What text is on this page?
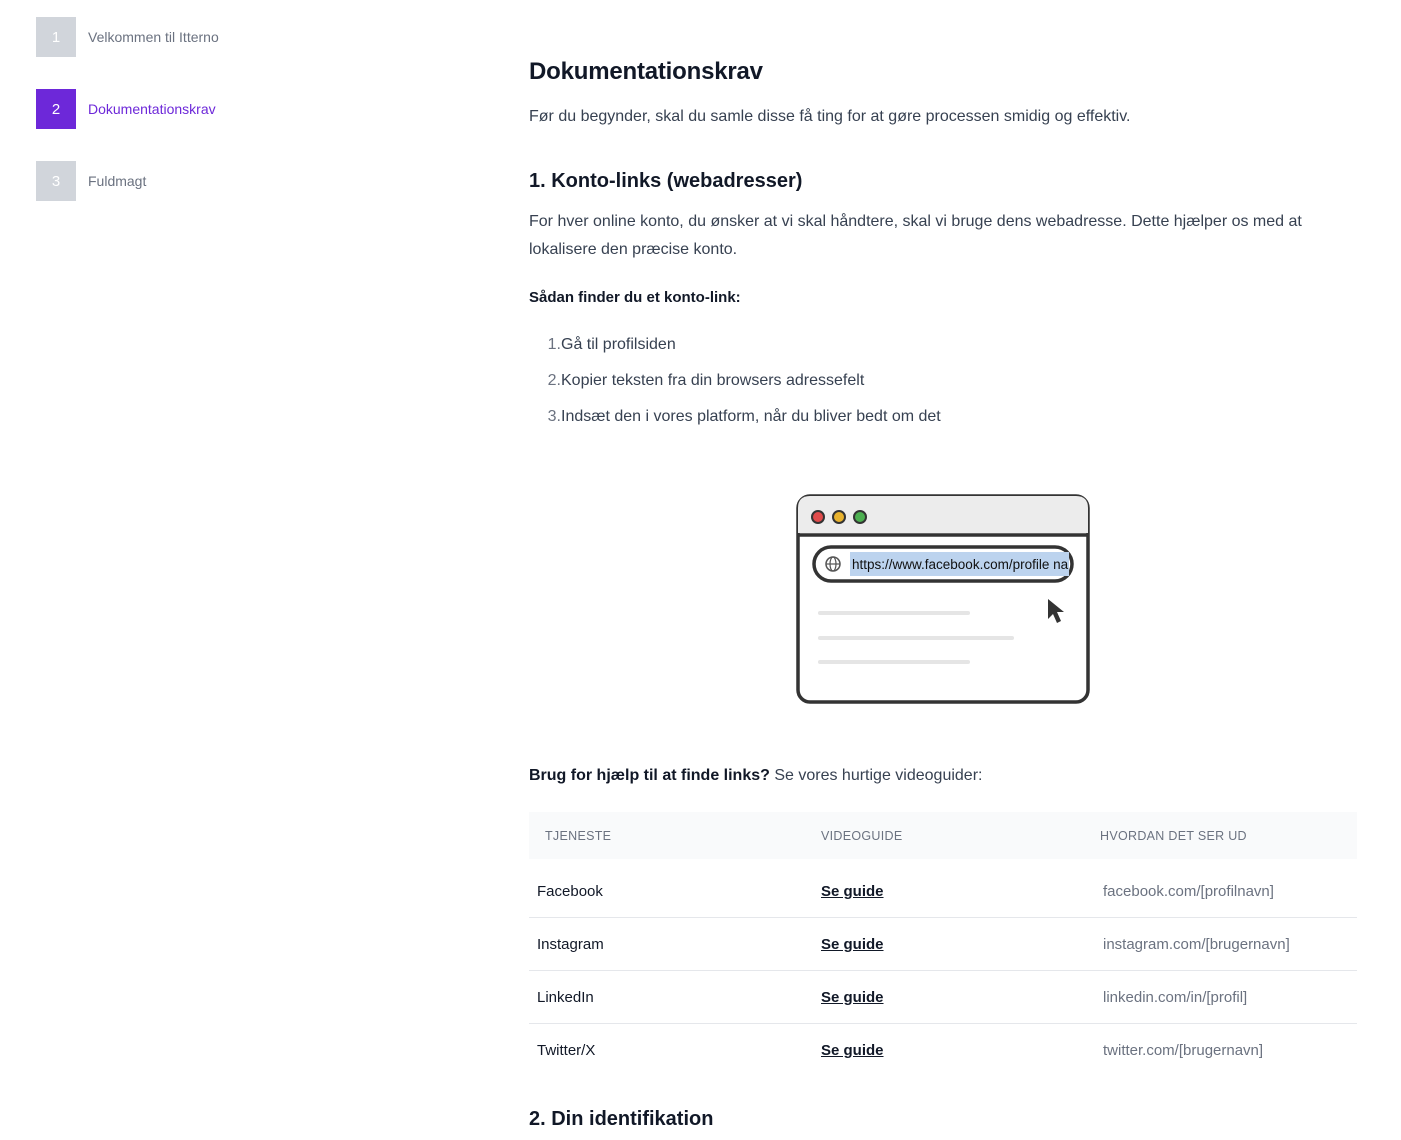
1	Velkommen til Itterno
2	Dokumentationskrav
3	Fuldmagt
Dokumentationskrav

Før du begynder, skal du samle disse få ting for at gøre processen smidig og effektiv.

1. Konto-links (webadresser)

For hver online konto, du ønsker at vi skal håndtere, skal vi bruge dens webadresse. Dette hjælper os med at lokalisere den præcise konto.

Sådan finder du et konto-link:

1. Gå til profilsiden
2. Kopier teksten fra din browsers adressefelt
3. Indsæt den i vores platform, når du bliver bedt om det
https://www.facebook.com/profile na

Brug for hjælp til at finde links? Se vores hurtige videoguider:

TJENESTE	VIDEOGUIDE	HVORDAN DET SER UD

Facebook	Se guide	facebook.com/[profilnavn]
Instagram	Se guide	instagram.com/[brugernavn]
LinkedIn	Se guide	linkedin.com/in/[profil]
Twitter/X	Se guide	twitter.com/[brugernavn]
2. Din identifikation
